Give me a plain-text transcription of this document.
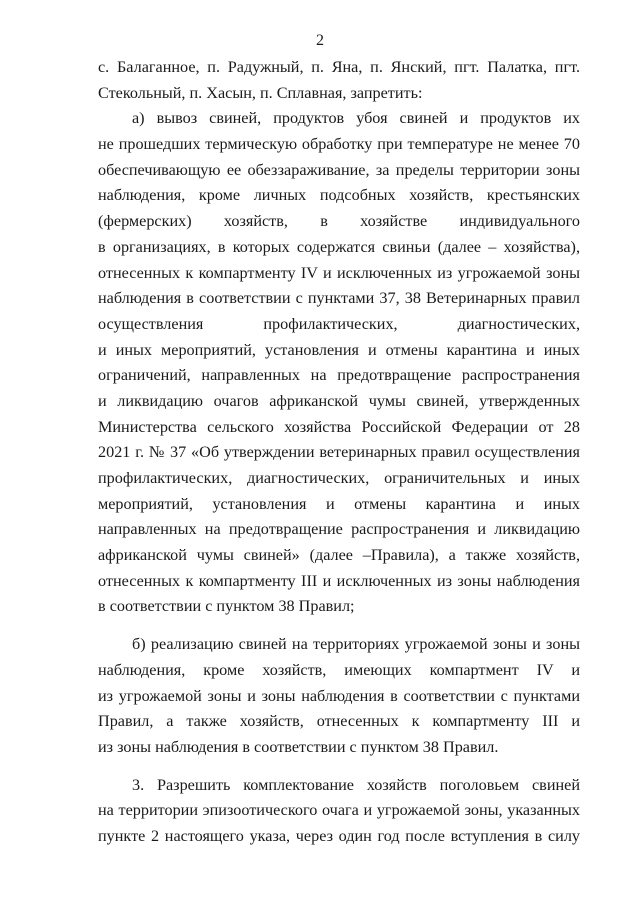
2
с. Балаганное, п. Радужный, п. Яна, п. Янский, пгт. Палатка, пгт.
Стекольный, п. Хасын, п. Сплавная, запретить:
а) вывоз свиней, продуктов убоя свиней и продуктов их
не прошедших термическую обработку при температуре не менее 70
обеспечивающую ее обеззараживание, за пределы территории зоны
наблюдения, кроме личных подсобных хозяйств, крестьянских
(фермерских) хозяйств, в хозяйстве индивидуального
в организациях, в которых содержатся свиньи (далее – хозяйства),
отнесенных к компартменту IV и исключенных из угрожаемой зоны
наблюдения в соответствии с пунктами 37, 38 Ветеринарных правил
осуществления профилактических, диагностических,
и иных мероприятий, установления и отмены карантина и иных
ограничений, направленных на предотвращение распространения
и ликвидацию очагов африканской чумы свиней, утвержденных
Министерства сельского хозяйства Российской Федерации от 28
2021 г. № 37 «Об утверждении ветеринарных правил осуществления
профилактических, диагностических, ограничительных и иных
мероприятий, установления и отмены карантина и иных
направленных на предотвращение распространения и ликвидацию
африканской чумы свиней» (далее –Правила), а также хозяйств,
отнесенных к компартменту III и исключенных из зоны наблюдения
в соответствии с пунктом 38 Правил;
б) реализацию свиней на территориях угрожаемой зоны и зоны
наблюдения, кроме хозяйств, имеющих компартмент IV и
из угрожаемой зоны и зоны наблюдения в соответствии с пунктами
Правил, а также хозяйств, отнесенных к компартменту III и
из зоны наблюдения в соответствии с пунктом 38 Правил.
3. Разрешить комплектование хозяйств поголовьем свиней
на территории эпизоотического очага и угрожаемой зоны, указанных
пункте 2 настоящего указа, через один год после вступления в силу
